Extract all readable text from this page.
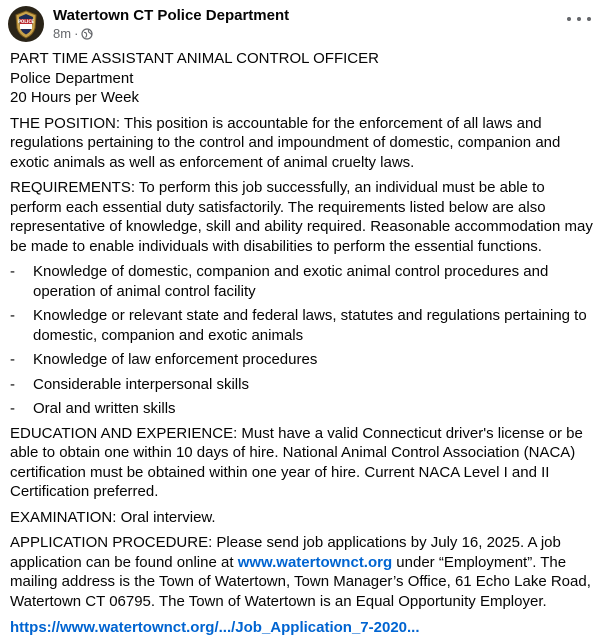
POLICE Watertown CT Police Department
8m ·
PART TIME ASSISTANT ANIMAL CONTROL OFFICER
Police Department
20 Hours per Week
THE POSITION: This position is accountable for the enforcement of all laws and regulations pertaining to the control and impoundment of domestic, companion and exotic animals as well as enforcement of animal cruelty laws.
REQUIREMENTS: To perform this job successfully, an individual must be able to perform each essential duty satisfactorily. The requirements listed below are also representative of knowledge, skill and ability required. Reasonable accommodation may be made to enable individuals with disabilities to perform the essential functions.
-	Knowledge of domestic, companion and exotic animal control procedures and operation of animal control facility
-	Knowledge or relevant state and federal laws, statutes and regulations pertaining to domestic, companion and exotic animals
-	Knowledge of law enforcement procedures
-	Considerable interpersonal skills
-	Oral and written skills
EDUCATION AND EXPERIENCE: Must have a valid Connecticut driver's license or be able to obtain one within 10 days of hire. National Animal Control Association (NACA) certification must be obtained within one year of hire. Current NACA Level I and II Certification preferred.
EXAMINATION: Oral interview.
APPLICATION PROCEDURE: Please send job applications by July 16, 2025. A job application can be found online at www.watertownct.org under “Employment”. The mailing address is the Town of Watertown, Town Manager’s Office, 61 Echo Lake Road, Watertown CT 06795. The Town of Watertown is an Equal Opportunity Employer.
https://www.watertownct.org/.../Job_Application_7-2020...
